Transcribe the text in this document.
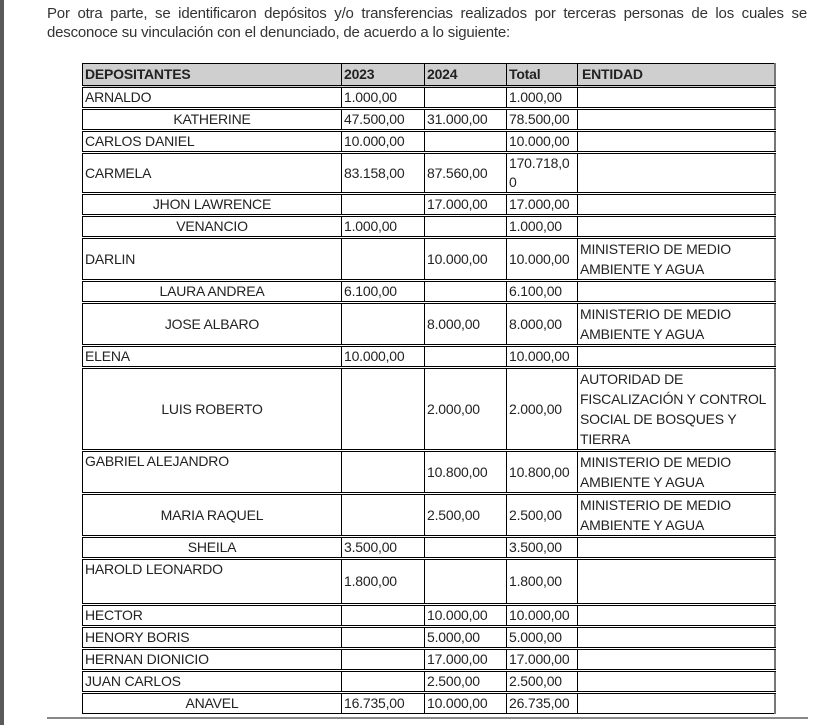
Por otra parte, se identificaron depósitos y/o transferencias realizados por terceras personas de los cuales se desconoce su vinculación con el denunciado, de acuerdo a lo siguiente:

DEPOSITANTES	2023	2024	Total	ENTIDAD
ARNALDO	1.000,00		1.000,00	
KATHERINE	47.500,00	31.000,00	78.500,00	
CARLOS DANIEL	10.000,00		10.000,00	
CARMELA	83.158,00	87.560,00	170.718,00	
JHON LAWRENCE		17.000,00	17.000,00	
VENANCIO	1.000,00		1.000,00	
DARLIN		10.000,00	10.000,00	MINISTERIO DE MEDIO AMBIENTE Y AGUA
LAURA ANDREA	6.100,00		6.100,00	
JOSE ALBARO		8.000,00	8.000,00	MINISTERIO DE MEDIO AMBIENTE Y AGUA
ELENA	10.000,00		10.000,00	
LUIS ROBERTO		2.000,00	2.000,00	AUTORIDAD DE FISCALIZACIÓN Y CONTROL SOCIAL DE BOSQUES Y TIERRA
GABRIEL ALEJANDRO		10.800,00	10.800,00	MINISTERIO DE MEDIO AMBIENTE Y AGUA
MARIA RAQUEL		2.500,00	2.500,00	MINISTERIO DE MEDIO AMBIENTE Y AGUA
SHEILA	3.500,00		3.500,00	
HAROLD LEONARDO	1.800,00		1.800,00	
HECTOR		10.000,00	10.000,00	
HENORY BORIS		5.000,00	5.000,00	
HERNAN DIONICIO		17.000,00	17.000,00	
JUAN CARLOS		2.500,00	2.500,00	
ANAVEL	16.735,00	10.000,00	26.735,00	
